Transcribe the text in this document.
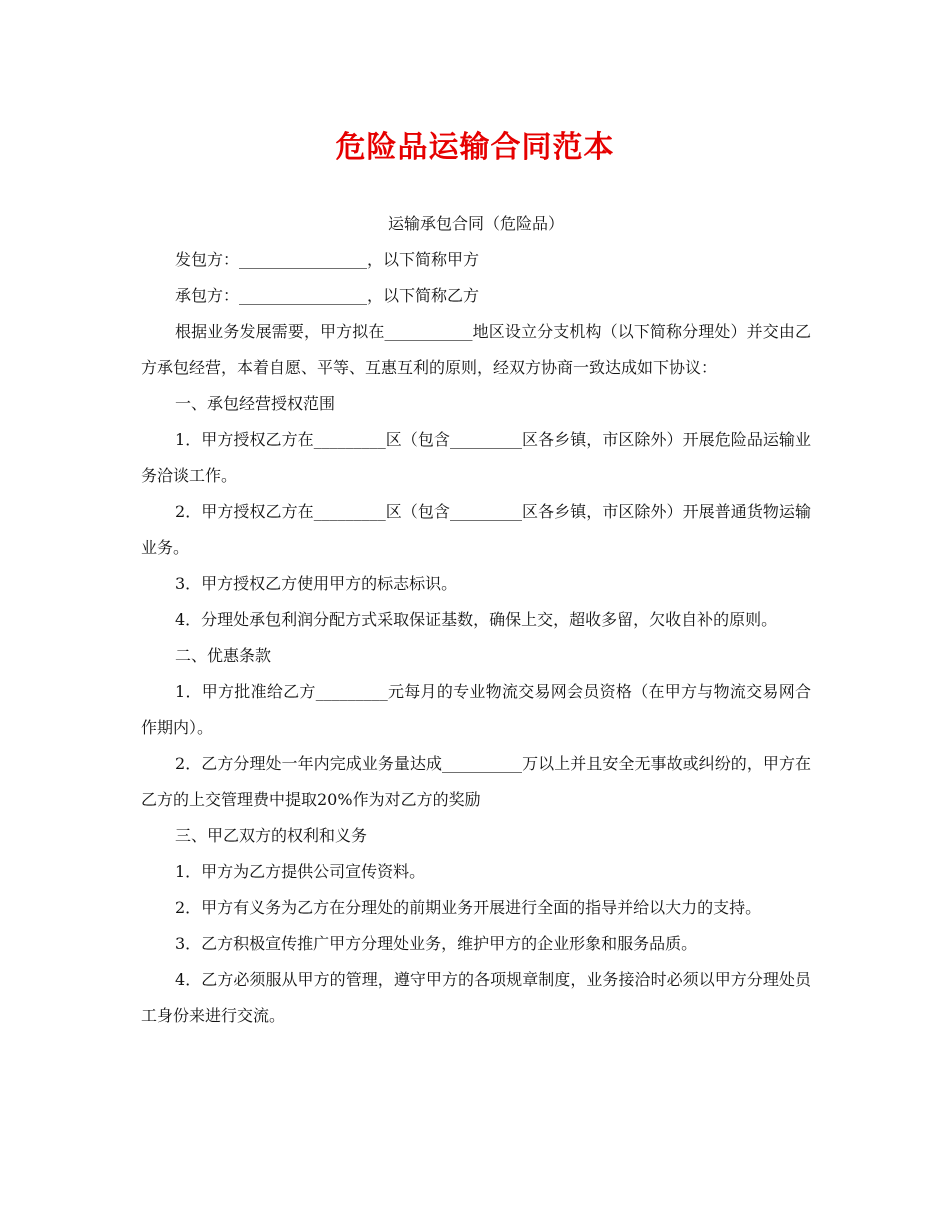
危险品运输合同范本

运输承包合同（危险品）

发包方：________________，以下简称甲方

承包方：________________，以下简称乙方

根据业务发展需要，甲方拟在___________地区设立分支机构（以下简称分理处）并交由乙方承包经营，本着自愿、平等、互惠互利的原则，经双方协商一致达成如下协议：

一、承包经营授权范围

1．甲方授权乙方在_________区（包含_________区各乡镇，市区除外）开展危险品运输业务洽谈工作。

2．甲方授权乙方在_________区（包含_________区各乡镇，市区除外）开展普通货物运输业务。

3．甲方授权乙方使用甲方的标志标识。

4．分理处承包利润分配方式采取保证基数，确保上交，超收多留，欠收自补的原则。

二、优惠条款

1．甲方批准给乙方_________元每月的专业物流交易网会员资格（在甲方与物流交易网合作期内）。

2．乙方分理处一年内完成业务量达成__________万以上并且安全无事故或纠纷的，甲方在乙方的上交管理费中提取20%作为对乙方的奖励

三、甲乙双方的权利和义务

1．甲方为乙方提供公司宣传资料。

2．甲方有义务为乙方在分理处的前期业务开展进行全面的指导并给以大力的支持。

3．乙方积极宣传推广甲方分理处业务，维护甲方的企业形象和服务品质。

4．乙方必须服从甲方的管理，遵守甲方的各项规章制度，业务接洽时必须以甲方分理处员工身份来进行交流。
